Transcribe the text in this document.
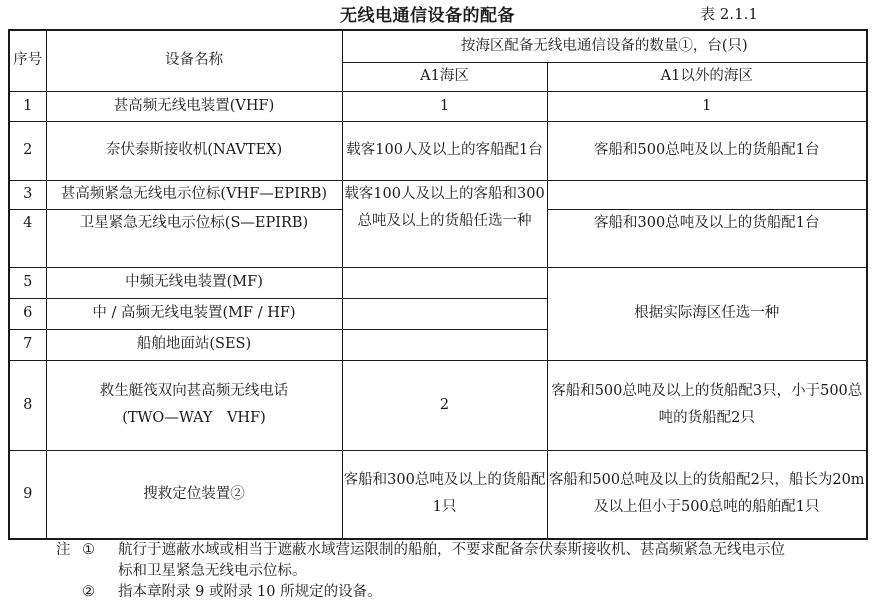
无线电通信设备的配备	表 2.1.1
序号	设备名称	按海区配备无线电通信设备的数量①，台(只)	
		A1海区	A1以外的海区
1	甚高频无线电装置(VHF)	1	1
2	奈伏泰斯接收机(NAVTEX)	载客100人及以上的客船配1台	客船和500总吨及以上的货船配1台
3	甚高频紧急无线电示位标(VHF—EPIRB)	载客100人及以上的客船和300总吨及以上的货船任选一种	
4	卫星紧急无线电示位标(S—EPIRB)		客船和300总吨及以上的货船配1台
5	中频无线电装置(MF)		根据实际海区任选一种
6	中 / 高频无线电装置(MF / HF)		
7	船舶地面站(SES)		
8	救生艇筏双向甚高频无线电话(TWO—WAY　VHF)	2	客船和500总吨及以上的货船配3只，小于500总吨的货船配2只
9	搜救定位装置②	客船和300总吨及以上的货船配1只	客船和500总吨及以上的货船配2只，船长为20m及以上但小于500总吨的船舶配1只
注 ①	航行于遮蔽水域或相当于遮蔽水域营运限制的船舶，不要求配备奈伏泰斯接收机、甚高频紧急无线电示位
标和卫星紧急无线电示位标。
②	指本章附录 9 或附录 10 所规定的设备。
